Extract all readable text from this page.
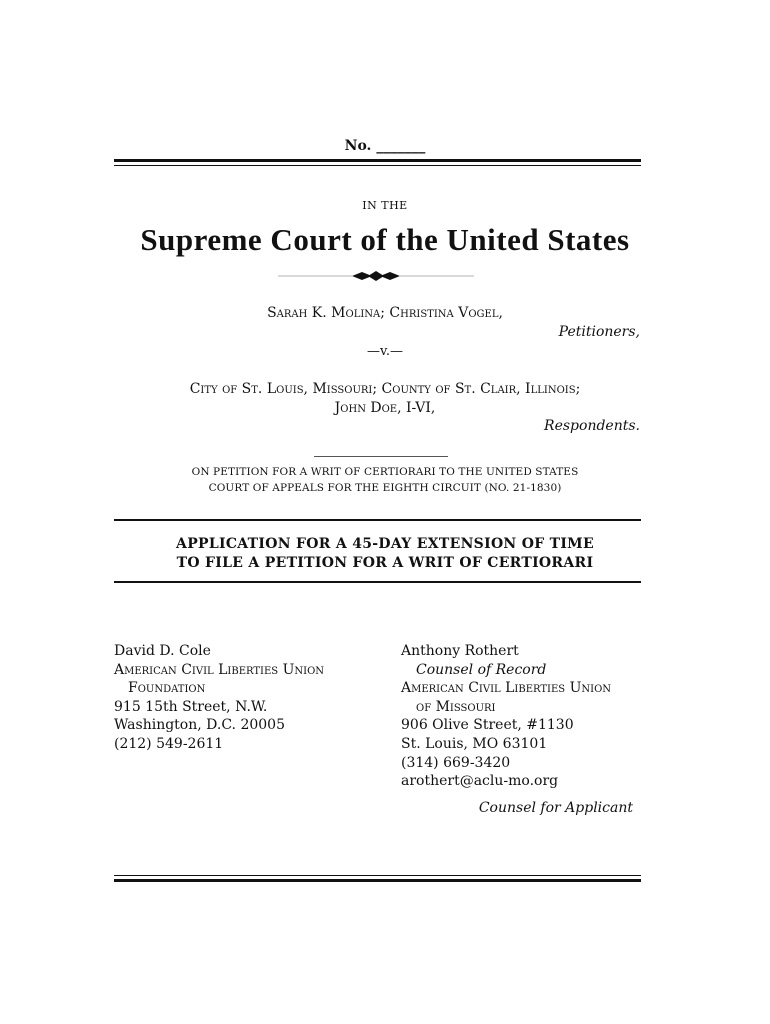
No. _______
IN THE
Supreme Court of the United States
Sarah K. Molina; Christina Vogel,
Petitioners,
—v.—
City of St. Louis, Missouri; County of St. Clair, Illinois;
John Doe, I-VI,
Respondents.
ON PETITION FOR A WRIT OF CERTIORARI TO THE UNITED STATES
COURT OF APPEALS FOR THE EIGHTH CIRCUIT (NO. 21-1830)
APPLICATION FOR A 45-DAY EXTENSION OF TIME
TO FILE A PETITION FOR A WRIT OF CERTIORARI
David D. Cole
American Civil Liberties Union
Foundation
915 15th Street, N.W.
Washington, D.C. 20005
(212) 549-2611
Anthony Rothert
Counsel of Record
American Civil Liberties Union
of Missouri
906 Olive Street, #1130
St. Louis, MO 63101
(314) 669-3420
arothert@aclu-mo.org
Counsel for Applicant
